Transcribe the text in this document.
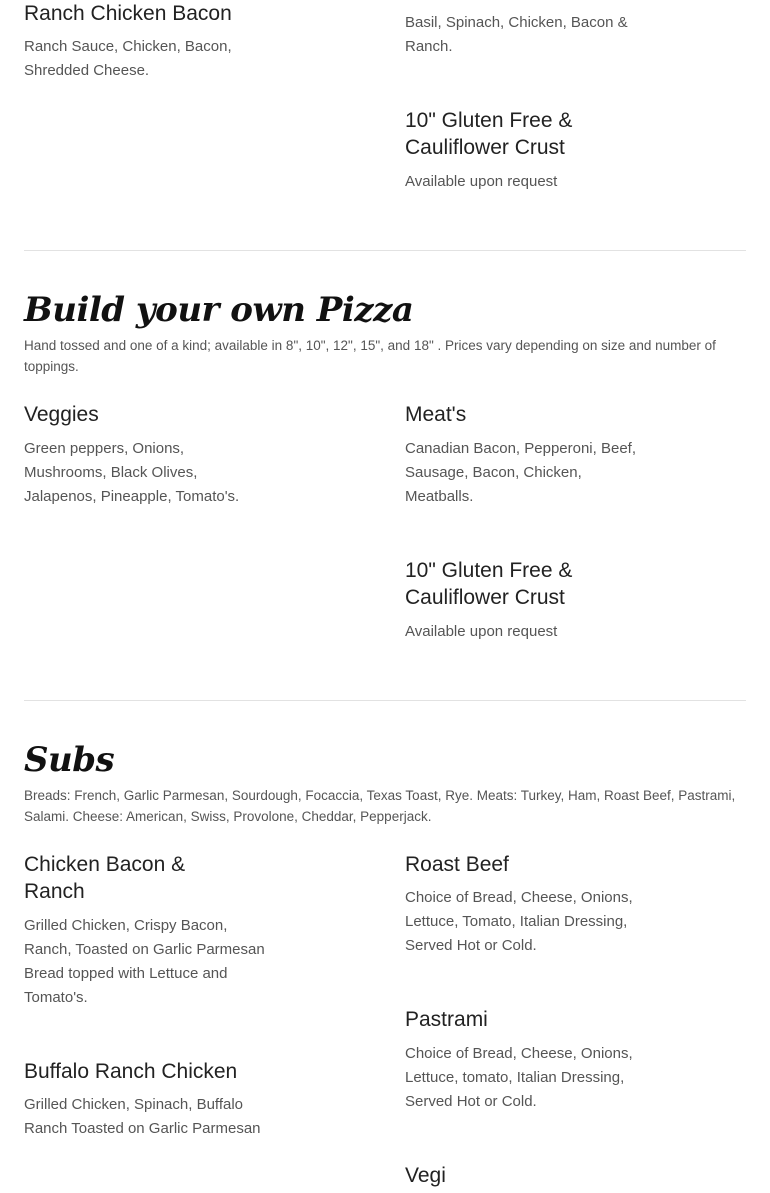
Ranch Chicken Bacon
Ranch Sauce, Chicken, Bacon,
Shredded Cheese.
Basil, Spinach, Chicken, Bacon &
Ranch.
10" Gluten Free &
Cauliflower Crust
Available upon request
Build your own Pizza
Hand tossed and one of a kind; available in 8", 10", 12", 15", and 18" . Prices vary depending on size and number of toppings.
Veggies
Green peppers, Onions,
Mushrooms, Black Olives,
Jalapenos, Pineapple, Tomato's.
Meat's
Canadian Bacon, Pepperoni, Beef,
Sausage, Bacon, Chicken,
Meatballs.
10" Gluten Free &
Cauliflower Crust
Available upon request
Subs
Breads: French, Garlic Parmesan, Sourdough, Focaccia, Texas Toast, Rye. Meats: Turkey, Ham, Roast Beef, Pastrami, Salami. Cheese: American, Swiss, Provolone, Cheddar, Pepperjack.
Chicken Bacon &
Ranch
Grilled Chicken, Crispy Bacon,
Ranch, Toasted on Garlic Parmesan
Bread topped with Lettuce and
Tomato's.
Buffalo Ranch Chicken
Grilled Chicken, Spinach, Buffalo
Ranch Toasted on Garlic Parmesan
Roast Beef
Choice of Bread, Cheese, Onions,
Lettuce, Tomato, Italian Dressing,
Served Hot or Cold.
Pastrami
Choice of Bread, Cheese, Onions,
Lettuce, tomato, Italian Dressing,
Served Hot or Cold.
Vegi
